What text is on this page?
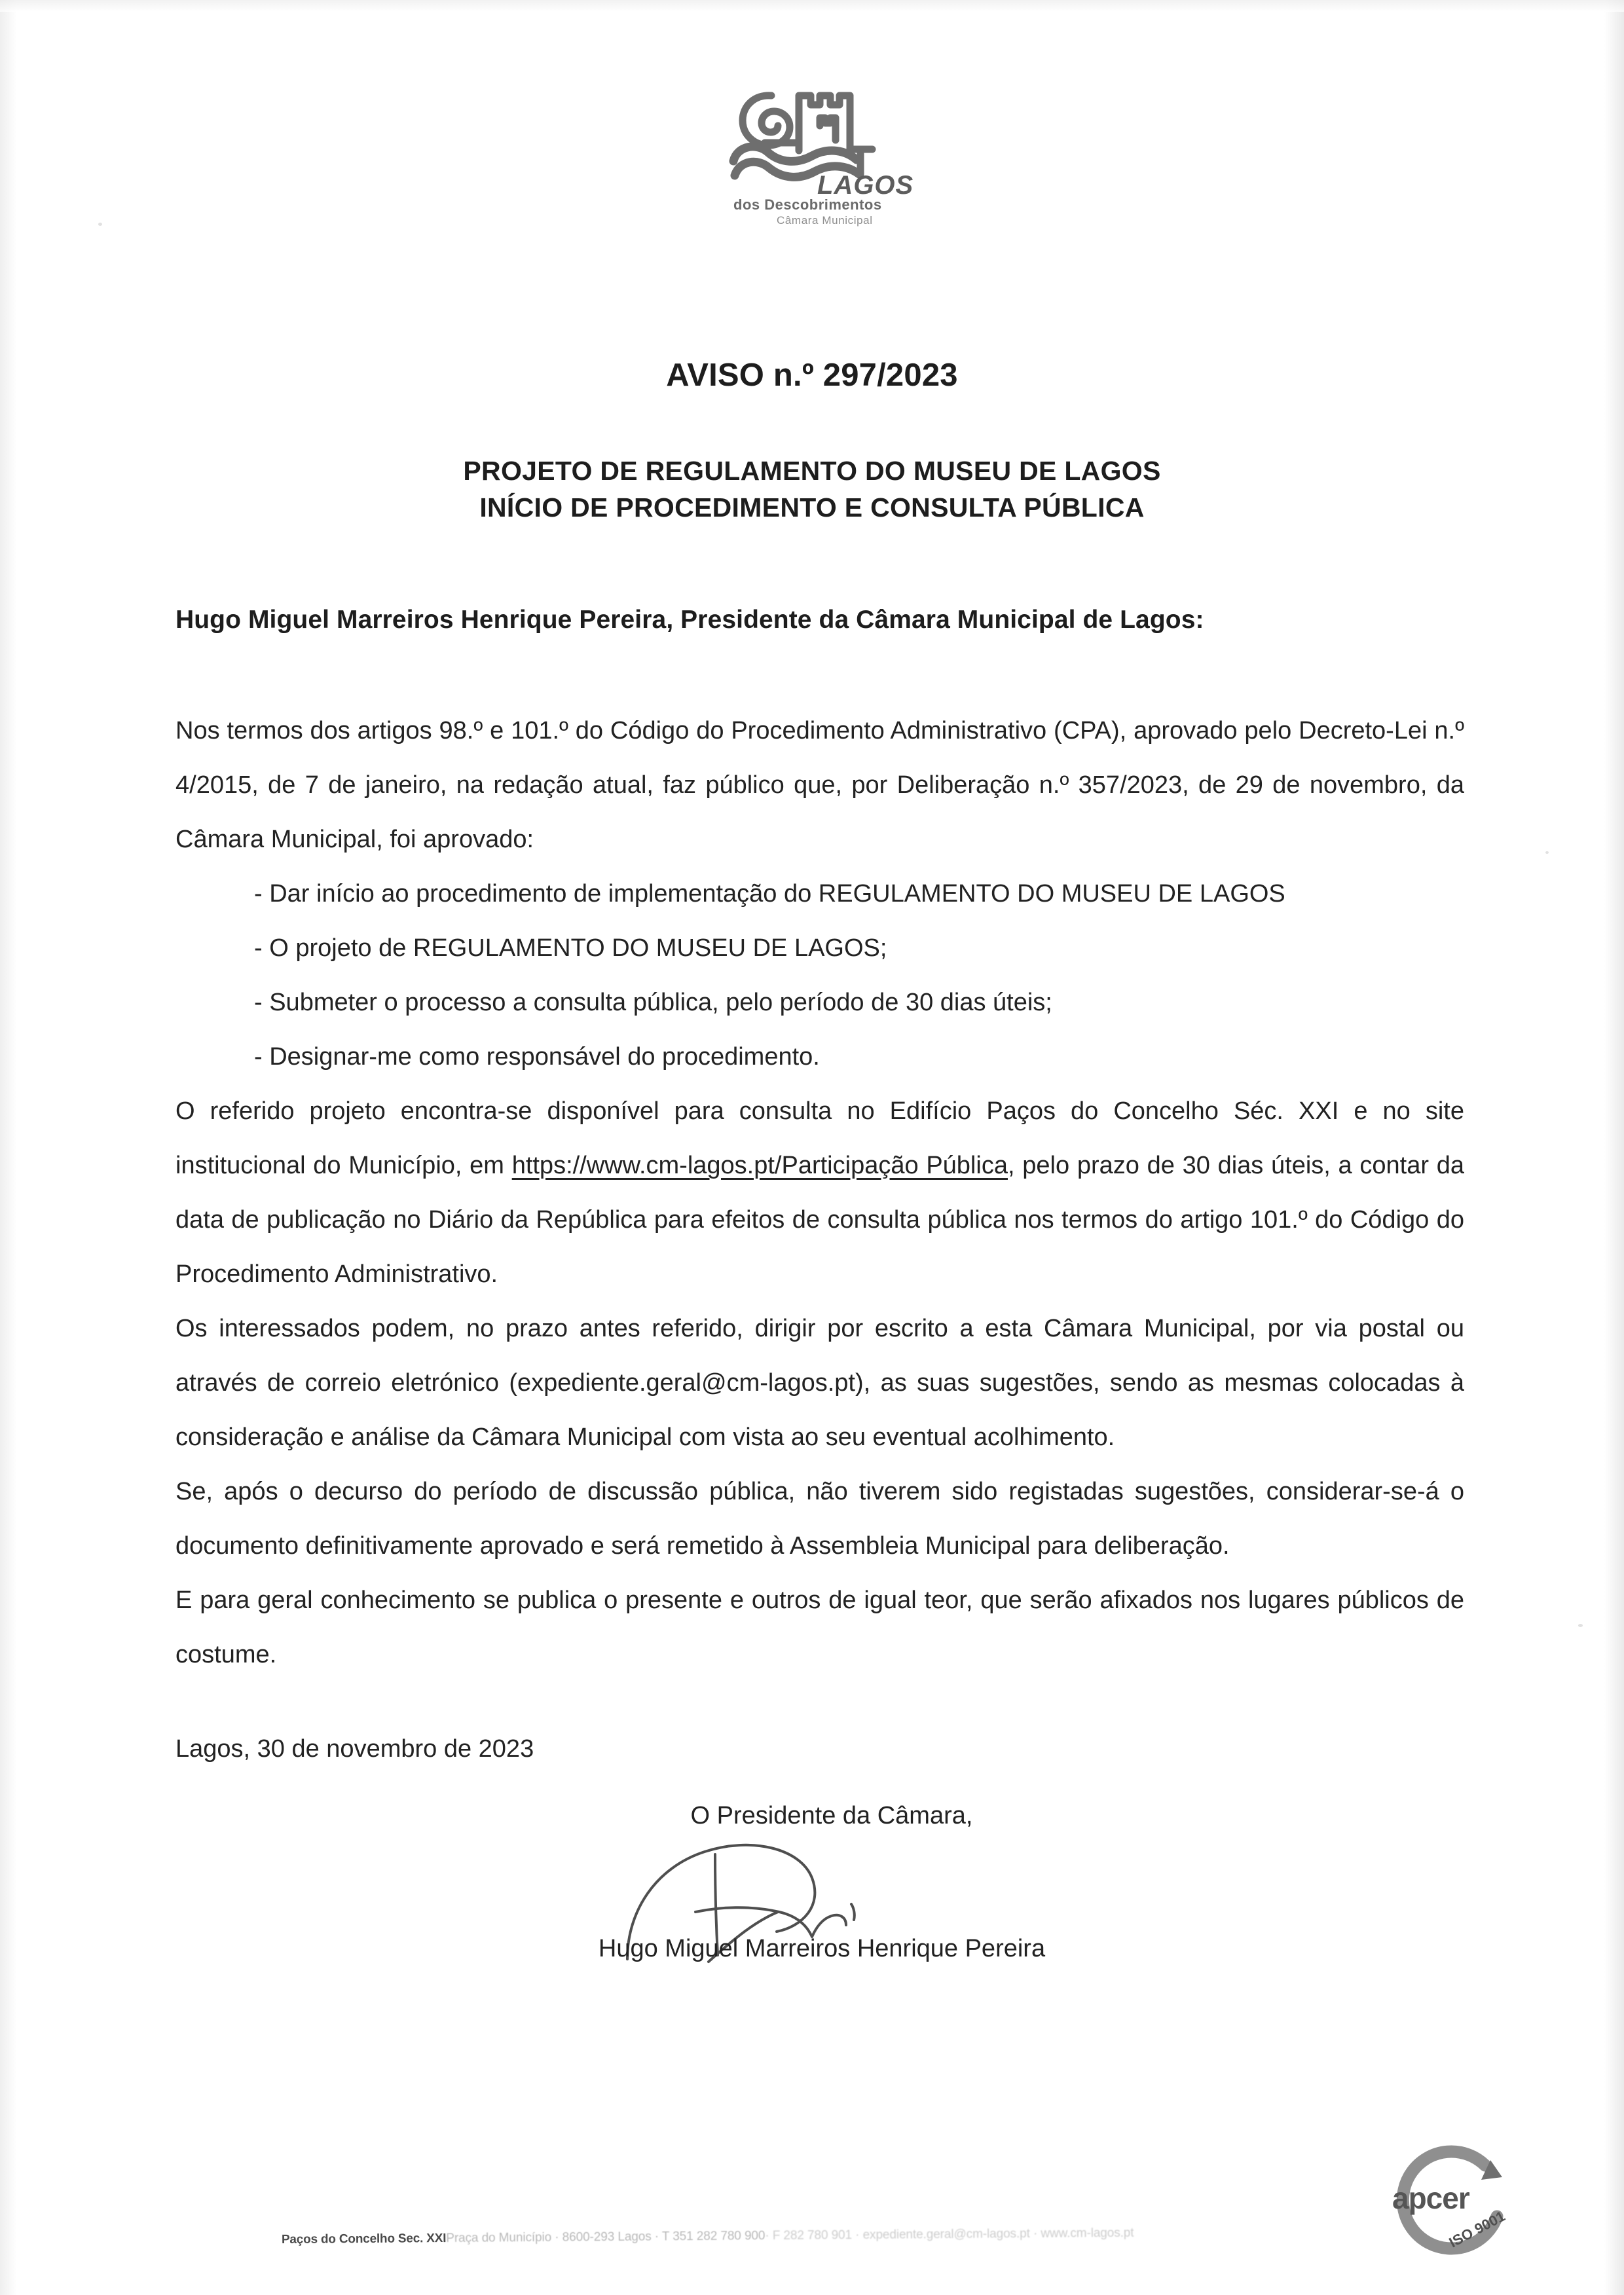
LAGOS
dos Descobrimentos
Câmara Municipal
AVISO n.º 297/2023
PROJETO DE REGULAMENTO DO MUSEU DE LAGOS
INÍCIO DE PROCEDIMENTO E CONSULTA PÚBLICA
Hugo Miguel Marreiros Henrique Pereira, Presidente da Câmara Municipal de Lagos:

Nos termos dos artigos 98.º e 101.º do Código do Procedimento Administrativo (CPA), aprovado pelo Decreto-Lei n.º 4/2015, de 7 de janeiro, na redação atual, faz público que, por Deliberação n.º 357/2023, de 29 de novembro, da Câmara Municipal, foi aprovado:

- Dar início ao procedimento de implementação do REGULAMENTO DO MUSEU DE LAGOS
- O projeto de REGULAMENTO DO MUSEU DE LAGOS;
- Submeter o processo a consulta pública, pelo período de 30 dias úteis;
- Designar-me como responsável do procedimento.

O referido projeto encontra-se disponível para consulta no Edifício Paços do Concelho Séc. XXI e no site institucional do Município, em https://www.cm-lagos.pt/Participação Pública, pelo prazo de 30 dias úteis, a contar da data de publicação no Diário da República para efeitos de consulta pública nos termos do artigo 101.º do Código do Procedimento Administrativo.

Os interessados podem, no prazo antes referido, dirigir por escrito a esta Câmara Municipal, por via postal ou através de correio eletrónico (expediente.geral@cm-lagos.pt), as suas sugestões, sendo as mesmas colocadas à consideração e análise da Câmara Municipal com vista ao seu eventual acolhimento.

Se, após o decurso do período de discussão pública, não tiverem sido registadas sugestões, considerar-se-á o documento definitivamente aprovado e será remetido à Assembleia Municipal para deliberação.

E para geral conhecimento se publica o presente e outros de igual teor, que serão afixados nos lugares públicos de costume.

Lagos, 30 de novembro de 2023
O Presidente da Câmara,
Hugo Miguel Marreiros Henrique Pereira
apcer
ISO 9001
Paços do Concelho Sec. XXIPraça do Município · 8600-293 Lagos · T 351 282 780 900· F 282 780 901 · expediente.geral@cm-lagos.pt · www.cm-lagos.pt
